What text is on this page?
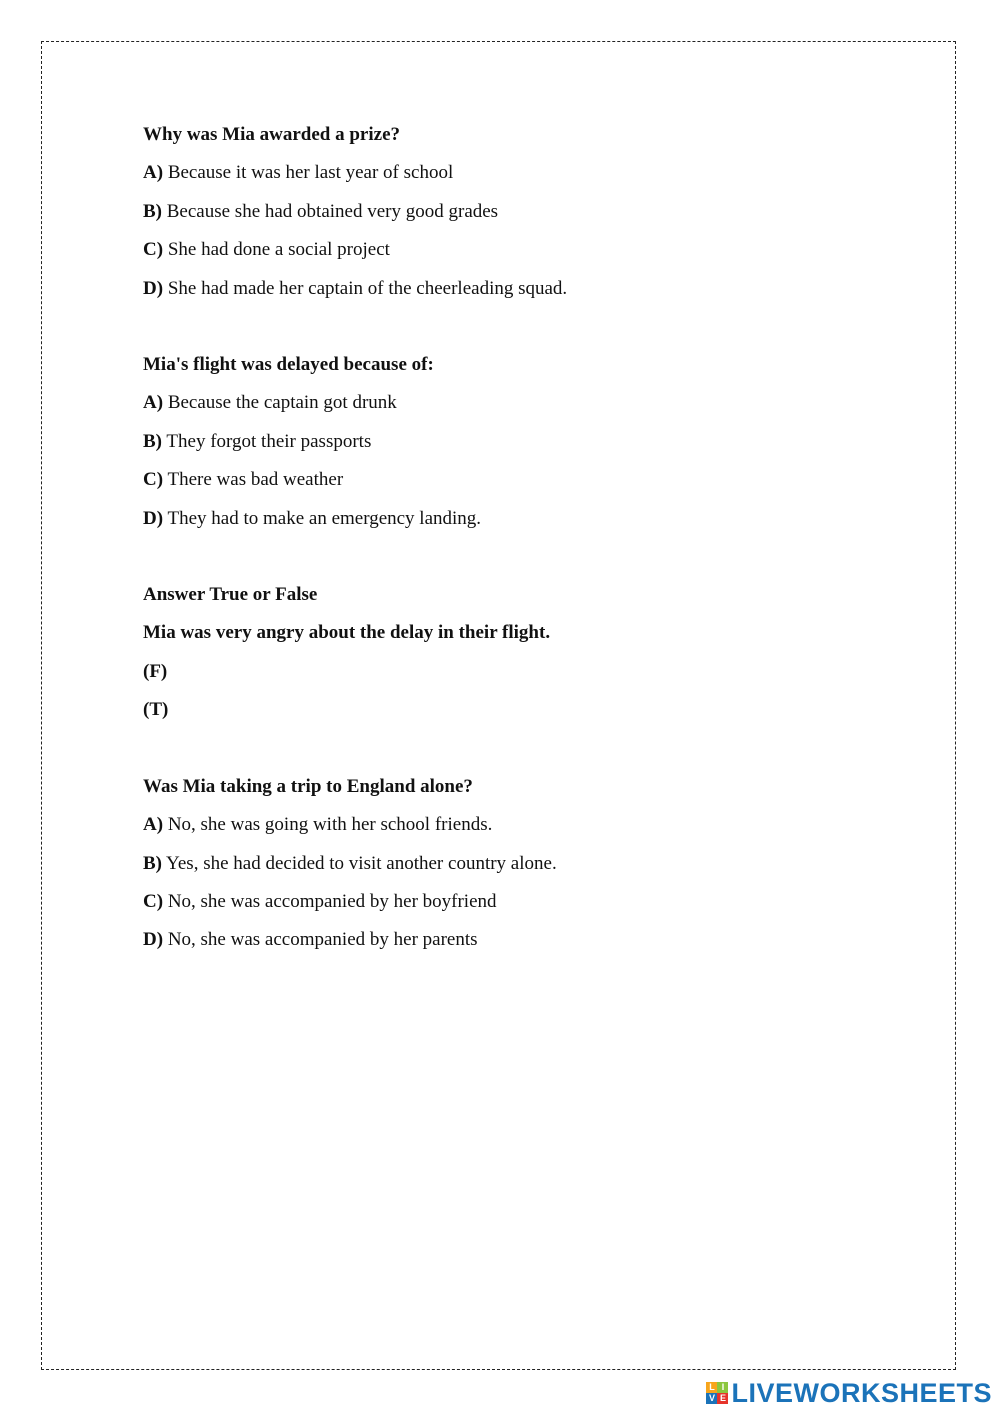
Why was Mia awarded a prize?
A) Because it was her last year of school
B) Because she had obtained very good grades
C) She had done a social project
D) She had made her captain of the cheerleading squad.
Mia's flight was delayed because of:
A) Because the captain got drunk
B) They forgot their passports
C) There was bad weather
D) They had to make an emergency landing.
Answer True or False
Mia was very angry about the delay in their flight.
(F)
(T)
Was Mia taking a trip to England alone?
A) No, she was going with her school friends.
B) Yes, she had decided to visit another country alone.
C) No, she was accompanied by her boyfriend
D) No, she was accompanied by her parents
L I
V E LIVEWORKSHEETS
